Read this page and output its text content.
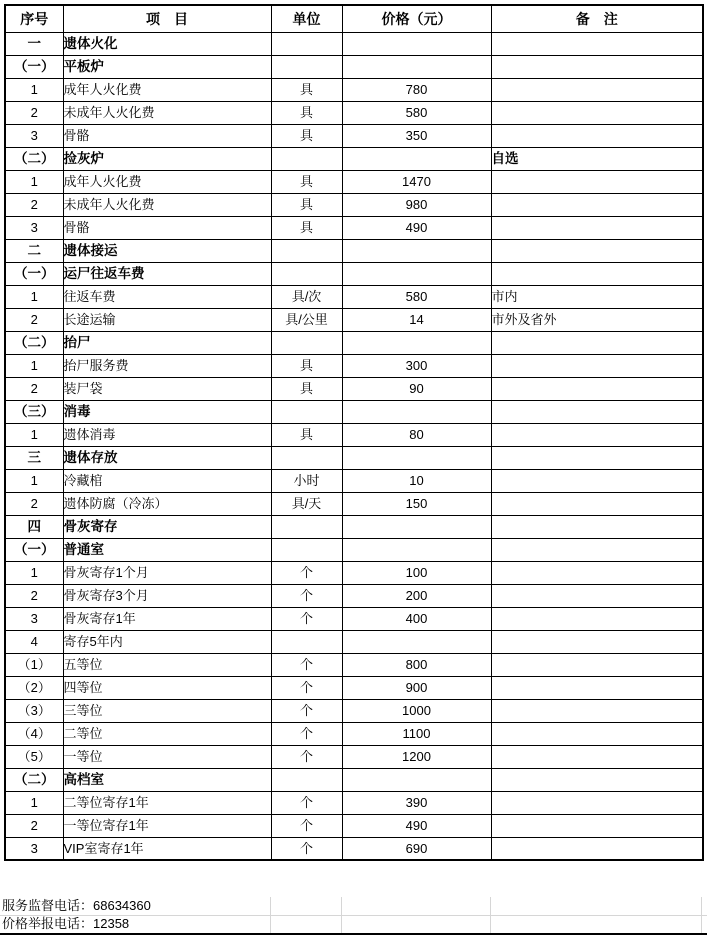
序号	项　目	单位	价格（元）	备　注
一	遗体火化			
（一）	平板炉			
1	成年人火化费	具	780	
2	未成年人火化费	具	580	
3	骨骼	具	350	
（二）	捡灰炉			自选
1	成年人火化费	具	1470	
2	未成年人火化费	具	980	
3	骨骼	具	490	
二	遗体接运			
（一）	运尸往返车费			
1	往返车费	具/次	580	市内
2	长途运输	具/公里	14	市外及省外
（二）	抬尸			
1	抬尸服务费	具	300	
2	装尸袋	具	90	
（三）	消毒			
1	遗体消毒	具	80	
三	遗体存放			
1	冷藏棺	小时	10	
2	遗体防腐（冷冻）	具/天	150	
四	骨灰寄存			
（一）	普通室			
1	骨灰寄存1个月	个	100	
2	骨灰寄存3个月	个	200	
3	骨灰寄存1年	个	400	
4	寄存5年内			
（1）	五等位	个	800	
（2）	四等位	个	900	
（3）	三等位	个	1000	
（4）	二等位	个	1100	
（5）	一等位	个	1200	
（二）	高档室			
1	二等位寄存1年	个	390	
2	一等位寄存1年	个	490	
3	VIP室寄存1年	个	690	
服务监督电话：68634360
价格举报电话：12358
